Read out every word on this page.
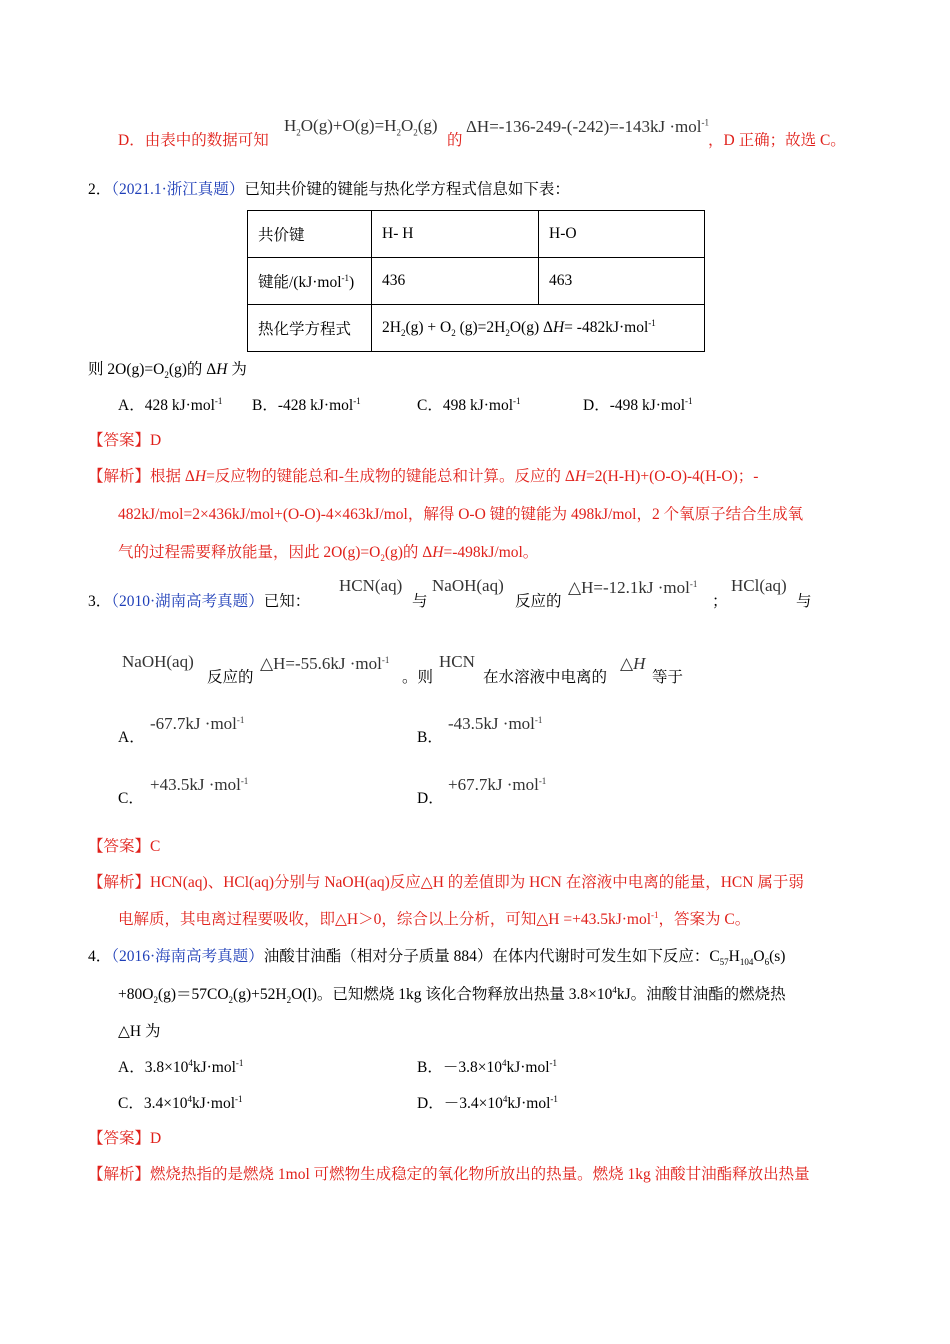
D．由表中的数据可知
$H_2O(g)+O(g)=H_2O_2(g)$
的
ΔH=-136-249-(-242)=-143kJ ·mol$^{-1}$
，D 正确；故选 C。
2．（2021.1·浙江真题）已知共价键的键能与热化学方程式信息如下表：
共价键	H- H	H-O
键能/(kJ·mol$^{-1}$)	436	463
热化学方程式	$2H_2(g) + O_2$ $(g)=2H_2O(g)$ ΔH= -482kJ·mol$^{-1}$
则 $2O(g)=O_2(g)$的 ΔH 为
A．428 kJ·mol$^{-1}$ B．-428 kJ·mol$^{-1}$	C．498 kJ·mol$^{-1}$	D．-498 kJ·mol$^{-1}$
【答案】D
【解析】根据 ΔH=反应物的键能总和-生成物的键能总和计算。反应的 ΔH=2(H-H)+(O-O)-4(H-O)；-
482kJ/mol=2×436kJ/mol+(O-O)-4×463kJ/mol，解得 O-O 键的键能为 498kJ/mol，2 个氧原子结合生成氧
气的过程需要释放能量，因此 $2O(g)=O_2(g)$的 ΔH=-498kJ/mol。
3．（2010·湖南高考真题）已知：
HCN(aq)
与
NaOH(aq)
反应的
△H=-12.1kJ ·mol$^{-1}$
；
HCl(aq)
与
NaOH(aq)
反应的
△H=-55.6kJ ·mol$^{-1}$
。则
HCN
在水溶液中电离的
△H
等于
A．
-67.7kJ ·mol$^{-1}$
B．
-43.5kJ ·mol$^{-1}$
C．
+43.5kJ ·mol$^{-1}$
D．
+67.7kJ ·mol$^{-1}$
【答案】C
【解析】HCN(aq)、HCl(aq)分别与 NaOH(aq)反应△H 的差值即为 HCN 在溶液中电离的能量，HCN 属于弱
电解质，其电离过程要吸收，即△H＞0，综合以上分析，可知△H =+43.5kJ·mol$^{-1}$，答案为 C。
4．（2016·海南高考真题）油酸甘油酯（相对分子质量 884）在体内代谢时可发生如下反应：$C_{57}H_{104}O_6(s)$
$+80O_2(g)=57CO_2(g)+52H_2O(l)$。已知燃烧 1kg 该化合物释放出热量 $3.8\times 10^4kJ$。油酸甘油酯的燃烧热
△H 为
A．$3.8\times 10^4kJ\cdot mol^{-1}$	B．$-3.8\times 10^4kJ\cdot mol^{-1}$
C．$3.4\times 10^4kJ\cdot mol^{-1}$	D．$-3.4\times 10^4kJ\cdot mol^{-1}$
【答案】D
【解析】燃烧热指的是燃烧 1mol 可燃物生成稳定的氧化物所放出的热量。燃烧 1kg 油酸甘油酯释放出热量
